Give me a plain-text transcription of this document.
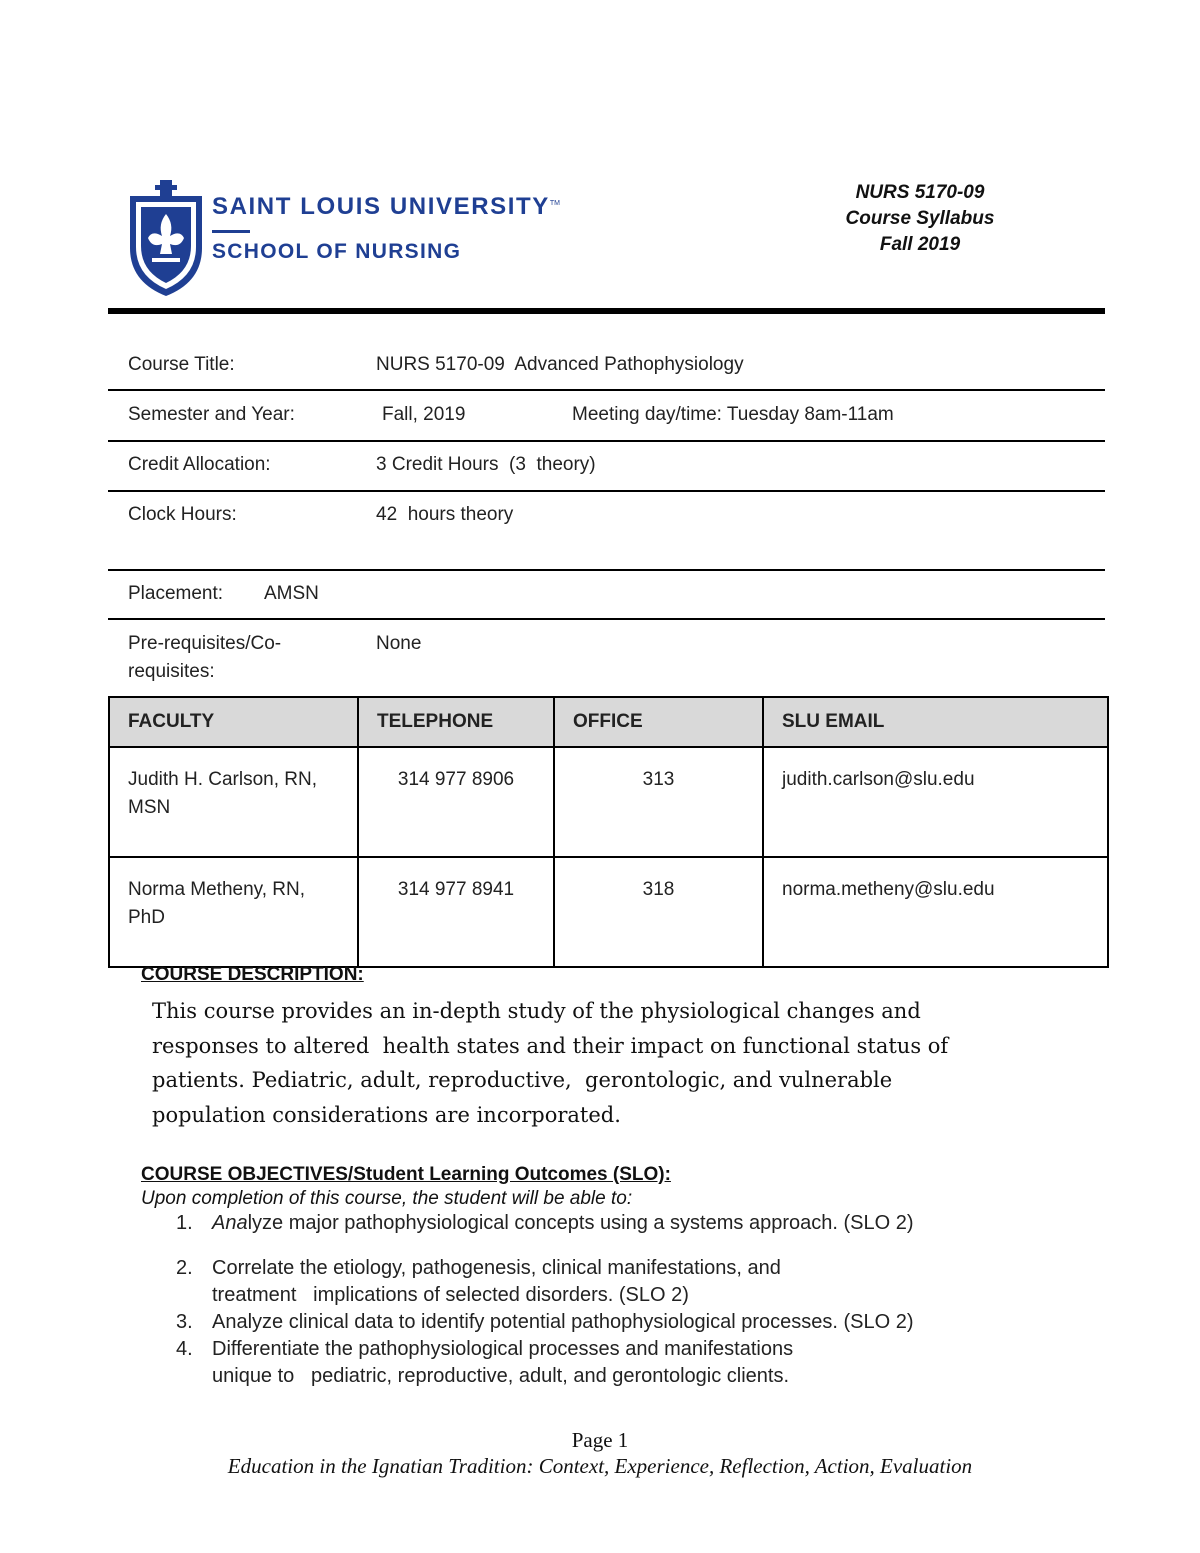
SAINT LOUIS UNIVERSITY™
SCHOOL OF NURSING
NURS 5170-09
Course Syllabus
Fall 2019
Course Title:	NURS 5170-09  Advanced Pathophysiology
Semester and Year:	Fall, 2019	Meeting day/time: Tuesday 8am-11am
Credit Allocation:	3 Credit Hours  (3  theory)
Clock Hours:	42  hours theory
Placement: AMSN
Pre-requisites/Co-
requisites:
None
FACULTY	TELEPHONE	OFFICE	SLU EMAIL

Judith H. Carlson, RN,
MSN	314 977 8906	313	judith.carlson@slu.edu

Norma Metheny, RN,
PhD	314 977 8941	318	norma.metheny@slu.edu
COURSE DESCRIPTION:
This course provides an in-depth study of the physiological changes and
responses to altered  health states and their impact on functional status of
patients. Pediatric, adult, reproductive,  gerontologic, and vulnerable
population considerations are incorporated.
COURSE OBJECTIVES/Student Learning Outcomes (SLO):
Upon completion of this course, the student will be able to:
1. Analyze major pathophysiological concepts using a systems approach. (SLO 2)
2. Correlate the etiology, pathogenesis, clinical manifestations, and
treatment   implications of selected disorders. (SLO 2)
3. Analyze clinical data to identify potential pathophysiological processes. (SLO 2)
4. Differentiate the pathophysiological processes and manifestations
unique to   pediatric, reproductive, adult, and gerontologic clients.
Page 1
Education in the Ignatian Tradition: Context, Experience, Reflection, Action, Evaluation
